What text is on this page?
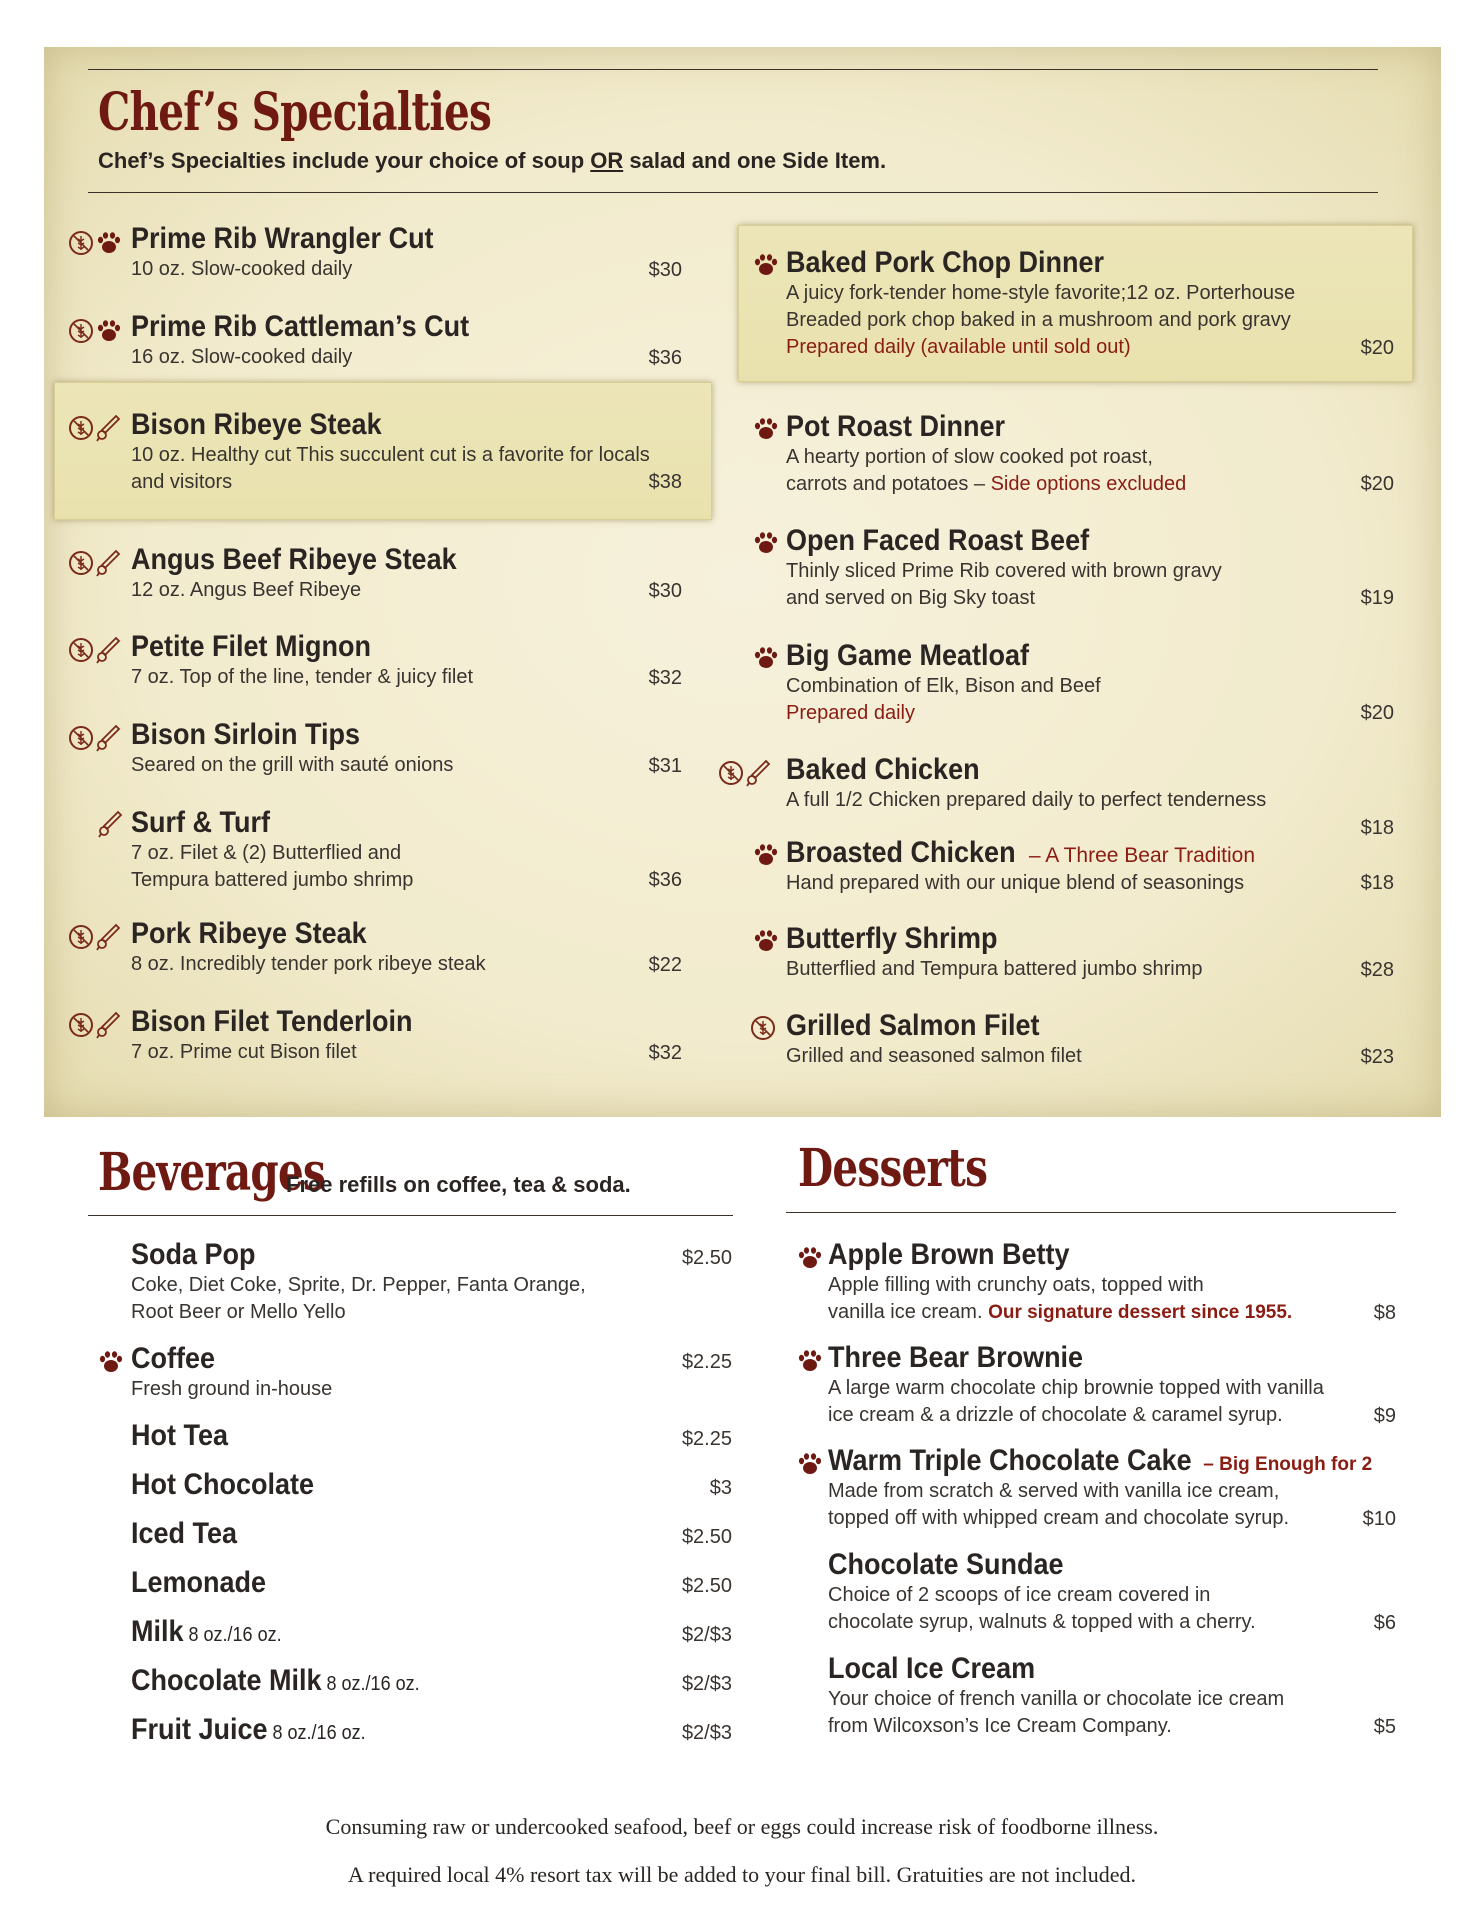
Chef’s Specialties
Chef’s Specialties include your choice of soup OR salad and one Side Item.
Prime Rib Wrangler Cut
10 oz. Slow-cooked daily	$30
Prime Rib Cattleman’s Cut
16 oz. Slow-cooked daily	$36
Bison Ribeye Steak
10 oz. Healthy cut This succulent cut is a favorite for locals
and visitors	$38
Angus Beef Ribeye Steak
12 oz. Angus Beef Ribeye	$30
Petite Filet Mignon
7 oz. Top of the line, tender & juicy filet	$32
Bison Sirloin Tips
Seared on the grill with sauté onions	$31
Surf & Turf
7 oz. Filet & (2) Butterflied and
Tempura battered jumbo shrimp	$36
Pork Ribeye Steak
8 oz. Incredibly tender pork ribeye steak	$22
Bison Filet Tenderloin
7 oz. Prime cut Bison filet	$32
Baked Pork Chop Dinner
A juicy fork-tender home-style favorite;12 oz. Porterhouse
Breaded pork chop baked in a mushroom and pork gravy
Prepared daily (available until sold out)	$20
Pot Roast Dinner
A hearty portion of slow cooked pot roast,
carrots and potatoes – Side options excluded	$20
Open Faced Roast Beef
Thinly sliced Prime Rib covered with brown gravy
and served on Big Sky toast	$19
Big Game Meatloaf
Combination of Elk, Bison and Beef
Prepared daily	$20
Baked Chicken
A full 1/2 Chicken prepared daily to perfect tenderness
$18
Broasted Chicken – A Three Bear Tradition
Hand prepared with our unique blend of seasonings	$18
Butterfly Shrimp
Butterflied and Tempura battered jumbo shrimp	$28
Grilled Salmon Filet
Grilled and seasoned salmon filet	$23
Beverages
Free refills on coffee, tea & soda.
Soda Pop
Coke, Diet Coke, Sprite, Dr. Pepper, Fanta Orange,
Root Beer or Mello Yello
$2.50
Coffee
Fresh ground in-house
$2.25
Hot Tea	$2.25
Hot Chocolate	$3
Iced Tea	$2.50
Lemonade	$2.50
Milk 8 oz./16 oz.	$2/$3
Chocolate Milk 8 oz./16 oz.	$2/$3
Fruit Juice 8 oz./16 oz.	$2/$3
Desserts
Apple Brown Betty
Apple filling with crunchy oats, topped with
vanilla ice cream. Our signature dessert since 1955.	$8
Three Bear Brownie
A large warm chocolate chip brownie topped with vanilla
ice cream & a drizzle of chocolate & caramel syrup.	$9
Warm Triple Chocolate Cake – Big Enough for 2
Made from scratch & served with vanilla ice cream,
topped off with whipped cream and chocolate syrup.	$10
Chocolate Sundae
Choice of 2 scoops of ice cream covered in
chocolate syrup, walnuts & topped with a cherry.	$6
Local Ice Cream
Your choice of french vanilla or chocolate ice cream
from Wilcoxson’s Ice Cream Company.	$5
Consuming raw or undercooked seafood, beef or eggs could increase risk of foodborne illness.
A required local 4% resort tax will be added to your final bill. Gratuities are not included.
